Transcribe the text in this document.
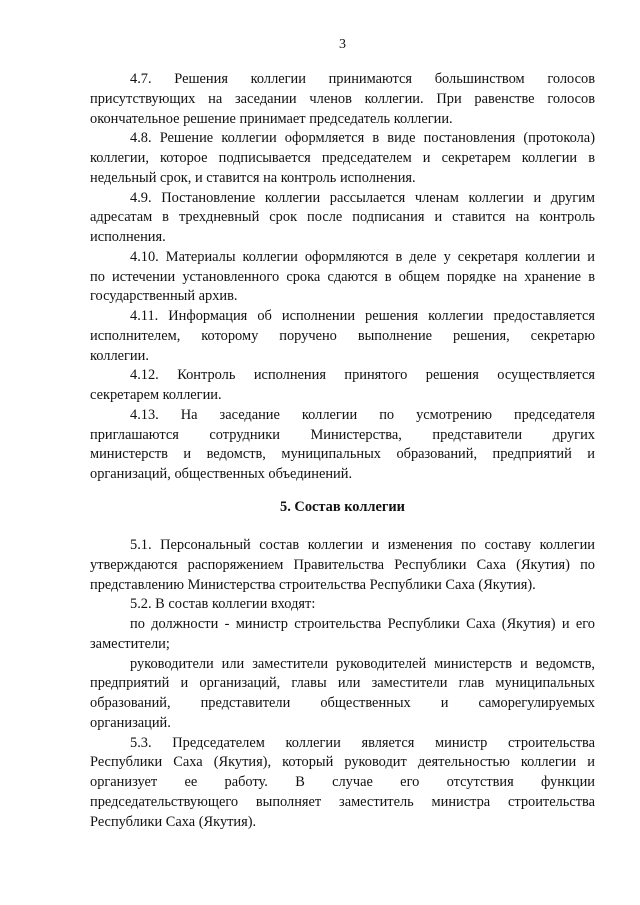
3
4.7. Решения коллегии принимаются большинством голосов
присутствующих на заседании членов коллегии. При равенстве голосов
окончательное решение принимает председатель коллегии.
4.8. Решение коллегии оформляется в виде постановления (протокола)
коллегии, которое подписывается председателем и секретарем коллегии в
недельный срок, и ставится на контроль исполнения.
4.9. Постановление коллегии рассылается членам коллегии и другим
адресатам в трехдневный срок после подписания и ставится на контроль
исполнения.
4.10. Материалы коллегии оформляются в деле у секретаря коллегии и
по истечении установленного срока сдаются в общем порядке на хранение в
государственный архив.
4.11. Информация об исполнении решения коллегии предоставляется
исполнителем, которому поручено выполнение решения, секретарю
коллегии.
4.12. Контроль исполнения принятого решения осуществляется
секретарем коллегии.
4.13. На заседание коллегии по усмотрению председателя
приглашаются сотрудники Министерства, представители других
министерств и ведомств, муниципальных образований, предприятий и
организаций, общественных объединений.
5. Состав коллегии
5.1. Персональный состав коллегии и изменения по составу коллегии
утверждаются распоряжением Правительства Республики Саха (Якутия) по
представлению Министерства строительства Республики Саха (Якутия).
5.2. В состав коллегии входят:
по должности - министр строительства Республики Саха (Якутия) и его
заместители;
руководители или заместители руководителей министерств и ведомств,
предприятий и организаций, главы или заместители глав муниципальных
образований, представители общественных и саморегулируемых
организаций.
5.3. Председателем коллегии является министр строительства
Республики Саха (Якутия), который руководит деятельностью коллегии и
организует ее работу. В случае его отсутствия функции
председательствующего выполняет заместитель министра строительства
Республики Саха (Якутия).
